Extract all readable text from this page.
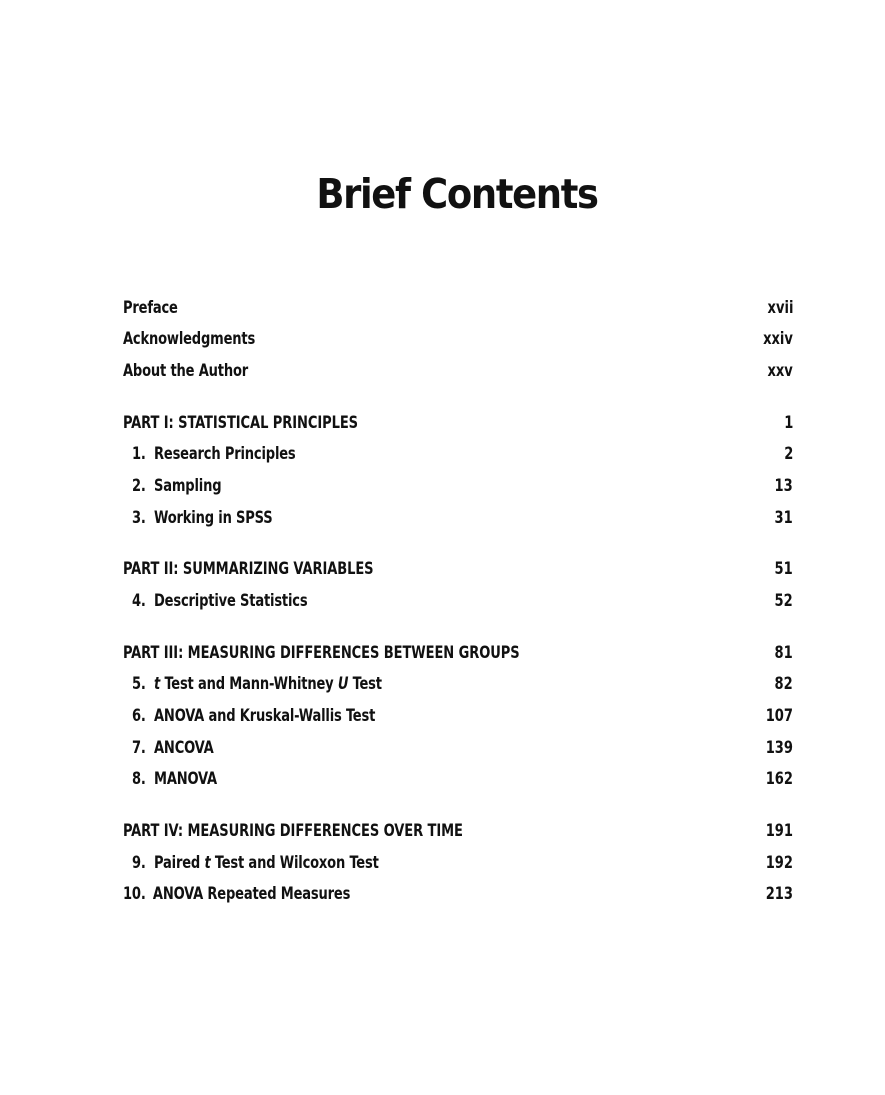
Brief Contents
Preface	xvii
Acknowledgments	xxiv
About the Author	xxv
PART I: STATISTICAL PRINCIPLES	1
1. Research Principles	2
2. Sampling	13
3. Working in SPSS	31
PART II: SUMMARIZING VARIABLES	51
4. Descriptive Statistics	52
PART III: MEASURING DIFFERENCES BETWEEN GROUPS	81
5. t Test and Mann-Whitney U Test	82
6. ANOVA and Kruskal-Wallis Test	107
7. ANCOVA	139
8. MANOVA	162
PART IV: MEASURING DIFFERENCES OVER TIME	191
9. Paired t Test and Wilcoxon Test	192
10. ANOVA Repeated Measures	213
